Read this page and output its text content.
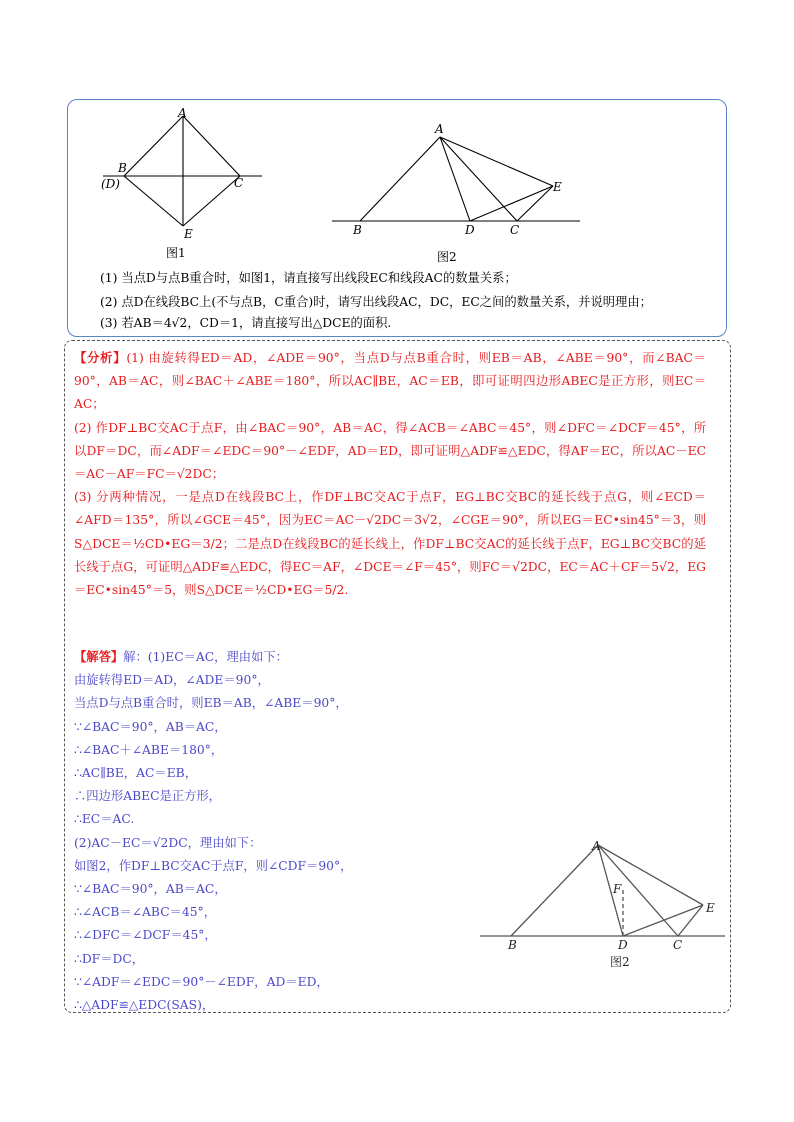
A
B
(D)	C
E
图1
A
E
B	D	C
图2
(1) 当点D与点B重合时，如图1，请直接写出线段EC和线段AC的数量关系；
(2) 点D在线段BC上(不与点B，C重合)时，请写出线段AC，DC，EC之间的数量关系，并说明理由；
(3) 若AB＝4√2，CD＝1，请直接写出△DCE的面积.

【分析】(1) 由旋转得ED＝AD，∠ADE＝90°，当点D与点B重合时，则EB＝AB，∠ABE＝90°，而∠BAC＝90°，AB＝AC，则∠BAC＋∠ABE＝180°，所以AC∥BE，AC＝EB，即可证明四边形ABEC是正方形，则EC＝AC；

(2) 作DF⊥BC交AC于点F，由∠BAC＝90°，AB＝AC，得∠ACB＝∠ABC＝45°，则∠DFC＝∠DCF＝45°，所以DF＝DC，而∠ADF＝∠EDC＝90°－∠EDF，AD＝ED，即可证明△ADF≌△EDC，得AF＝EC，所以AC－EC＝AC－AF＝FC＝√2DC；

(3) 分两种情况，一是点D在线段BC上，作DF⊥BC交AC于点F，EG⊥BC交BC的延长线于点G，则∠ECD＝∠AFD＝135°，所以∠GCE＝45°，因为EC＝AC－√2DC＝3√2，∠CGE＝90°，所以EG＝EC•sin45°＝3，则S△DCE＝½CD•EG＝3/2；二是点D在线段BC的延长线上，作DF⊥BC交AC的延长线于点F，EG⊥BC交BC的延长线于点G，可证明△ADF≌△EDC，得EC＝AF，∠DCE＝∠F＝45°，则FC＝√2DC，EC＝AC＋CF＝5√2，EG＝EC•sin45°＝5，则S△DCE＝½CD•EG＝5/2.

【解答】解：(1)EC＝AC，理由如下：

由旋转得ED＝AD，∠ADE＝90°，

当点D与点B重合时，则EB＝AB，∠ABE＝90°，

∵∠BAC＝90°，AB＝AC，

∴∠BAC＋∠ABE＝180°，

∴AC∥BE，AC＝EB，

∴四边形ABEC是正方形，

∴EC＝AC.

(2)AC－EC＝√2DC，理由如下：

如图2，作DF⊥BC交AC于点F，则∠CDF＝90°，

∵∠BAC＝90°，AB＝AC，

∴∠ACB＝∠ABC＝45°，

∴∠DFC＝∠DCF＝45°，

∴DF＝DC，

∵∠ADF＝∠EDC＝90°－∠EDF，AD＝ED，

∴△ADF≌△EDC(SAS)，

A
F
E
B	D	C
图2
